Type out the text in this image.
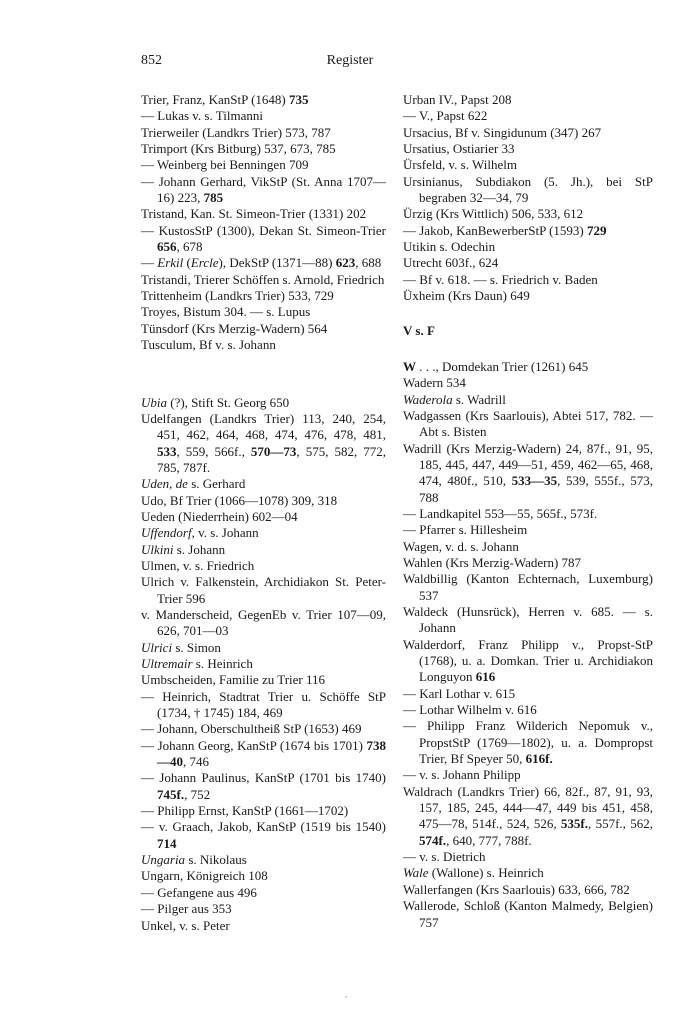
852	Register
Trier, Franz, KanStP (1648) 735
— Lukas v. s. Tilmanni
Trierweiler (Landkrs Trier) 573, 787
Trimport (Krs Bitburg) 537, 673, 785
— Weinberg bei Benningen 709
— Johann Gerhard, VikStP (St. Anna 1707—16) 223, 785
Tristand, Kan. St. Simeon-Trier (1331) 202
— KustosStP (1300), Dekan St. Simeon-Trier 656, 678
— Erkil (Ercle), DekStP (1371—88) 623, 688
Tristandi, Trierer Schöffen s. Arnold, Friedrich
Trittenheim (Landkrs Trier) 533, 729
Troyes, Bistum 304. — s. Lupus
Tünsdorf (Krs Merzig-Wadern) 564
Tusculum, Bf v. s. Johann
Ubia (?), Stift St. Georg 650
Udelfangen (Landkrs Trier) 113, 240, 254, 451, 462, 464, 468, 474, 476, 478, 481, 533, 559, 566f., 570—73, 575, 582, 772, 785, 787f.
Uden, de s. Gerhard
Udo, Bf Trier (1066—1078) 309, 318
Ueden (Niederrhein) 602—04
Uffendorf, v. s. Johann
Ulkini s. Johann
Ulmen, v. s. Friedrich
Ulrich v. Falkenstein, Archidiakon St. Peter-Trier 596
v. Manderscheid, GegenEb v. Trier 107—09, 626, 701—03
Ulrici s. Simon
Ultremair s. Heinrich
Umbscheiden, Familie zu Trier 116
— Heinrich, Stadtrat Trier u. Schöffe StP (1734, † 1745) 184, 469
— Johann, Oberschultheiß StP (1653) 469
— Johann Georg, KanStP (1674 bis 1701) 738—40, 746
— Johann Paulinus, KanStP (1701 bis 1740) 745f., 752
— Philipp Ernst, KanStP (1661—1702)
— v. Graach, Jakob, KanStP (1519 bis 1540) 714
Ungaria s. Nikolaus
Ungarn, Königreich 108
— Gefangene aus 496
— Pilger aus 353
Unkel, v. s. Peter
Urban IV., Papst 208
— V., Papst 622
Ursacius, Bf v. Singidunum (347) 267
Ursatius, Ostiarier 33
Ürsfeld, v. s. Wilhelm
Ursinianus, Subdiakon (5. Jh.), bei StP begraben 32—34, 79
Ürzig (Krs Wittlich) 506, 533, 612
— Jakob, KanBewerberStP (1593) 729
Utikin s. Odechin
Utrecht 603f., 624
— Bf v. 618. — s. Friedrich v. Baden
Üxheim (Krs Daun) 649
V s. F
W . . ., Domdekan Trier (1261) 645
Wadern 534
Waderola s. Wadrill
Wadgassen (Krs Saarlouis), Abtei 517, 782. — Abt s. Bisten
Wadrill (Krs Merzig-Wadern) 24, 87f., 91, 95, 185, 445, 447, 449—51, 459, 462—65, 468, 474, 480f., 510, 533—35, 539, 555f., 573, 788
— Landkapitel 553—55, 565f., 573f.
— Pfarrer s. Hillesheim
Wagen, v. d. s. Johann
Wahlen (Krs Merzig-Wadern) 787
Waldbillig (Kanton Echternach, Luxemburg) 537
Waldeck (Hunsrück), Herren v. 685. — s. Johann
Walderdorf, Franz Philipp v., Propst-StP (1768), u. a. Domkan. Trier u. Archidiakon Longuyon 616
— Karl Lothar v. 615
— Lothar Wilhelm v. 616
— Philipp Franz Wilderich Nepomuk v., PropstStP (1769—1802), u. a. Dompropst Trier, Bf Speyer 50, 616f.
— v. s. Johann Philipp
Waldrach (Landkrs Trier) 66, 82f., 87, 91, 93, 157, 185, 245, 444—47, 449 bis 451, 458, 475—78, 514f., 524, 526, 535f., 557f., 562, 574f., 640, 777, 788f.
— v. s. Dietrich
Wale (Wallone) s. Heinrich
Wallerfangen (Krs Saarlouis) 633, 666, 782
Wallerode, Schloß (Kanton Malmedy, Belgien) 757
